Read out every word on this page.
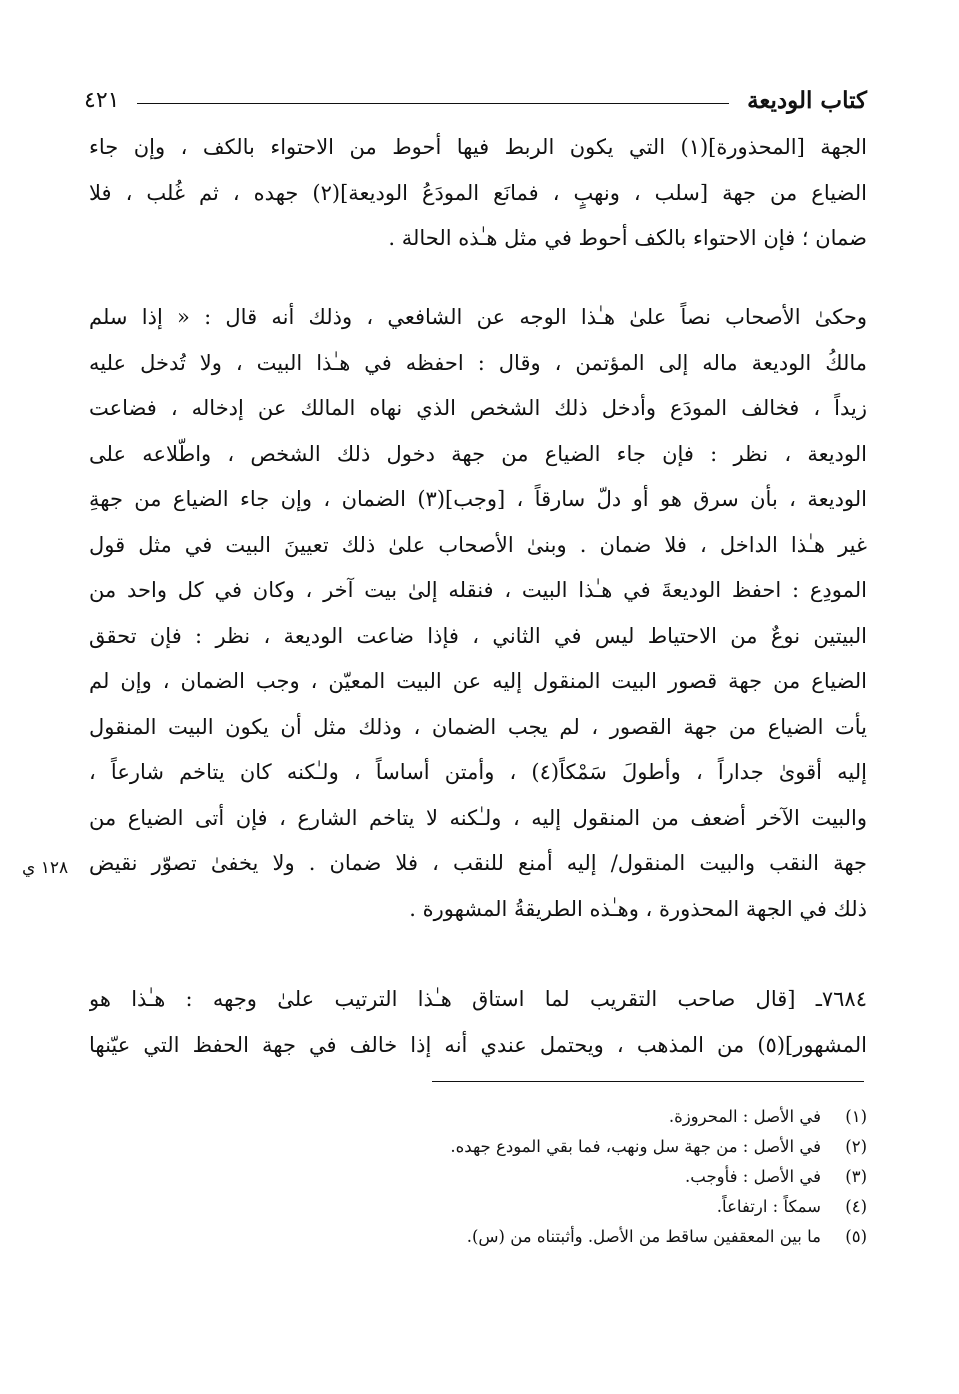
كتاب الوديعة
٤٢١
الجهة [المحذورة](١) التي يكون الربط فيها أحوط من الاحتواء بالكف ، وإن جاء
الضياع من جهة [سلب ، ونهبٍ ، فمانَع المودَعُ الوديعة](٢) جهده ، ثم غُلب ، فلا
ضمان ؛ فإن الاحتواء بالكف أحوط في مثل هـٰذه الحالة .
وحكىٰ الأصحاب نصاً علىٰ هـٰذا الوجه عن الشافعي ، وذلك أنه قال : « إذا سلم
مالكُ الوديعة ماله إلى المؤتمن ، وقال : احفظه في هـٰذا البيت ، ولا تُدخل عليه
زيداً ، فخالف المودَع وأدخل ذلك الشخص الذي نهاه المالك عن إدخاله ، فضاعت
الوديعة ، نظر : فإن جاء الضياع من جهة دخول ذلك الشخص ، واطّلاعه على
الوديعة ، بأن سرق هو أو دلّ سارقاً ، [وجب](٣) الضمان ، وإن جاء الضياع من جهةِ
غير هـٰذا الداخل ، فلا ضمان . وبنىٰ الأصحاب علىٰ ذلك تعيينَ البيت في مثل قول
المودِع : احفظ الوديعةَ في هـٰذا البيت ، فنقله إلىٰ بيت آخر ، وكان في كل واحد من
البيتين نوعٌ من الاحتياط ليس في الثاني ، فإذا ضاعت الوديعة ، نظر : فإن تحقق
الضياع من جهة قصور البيت المنقول إليه عن البيت المعيّن ، وجب الضمان ، وإن لم
يأت الضياع من جهة القصور ، لم يجب الضمان ، وذلك مثل أن يكون البيت المنقول
إليه أقوىٰ جداراً ، وأطولَ سَمْكاً(٤) ، وأمتن أساساً ، ولـٰكنه كان يتاخم شارعاً ،
والبيت الآخر أضعف من المنقول إليه ، ولـٰكنه لا يتاخم الشارع ، فإن أتى الضياع من
جهة النقب والبيت المنقول/ إليه أمنع للنقب ، فلا ضمان . ولا يخفىٰ تصوّر نقيض
ذلك في الجهة المحذورة ، وهـٰذه الطريقةُ المشهورة .
١٢٨ ي
٧٦٨٤ـ [قال صاحب التقريب لما استاق هـٰذا الترتيب علىٰ وجهه : هـٰذا هو
المشهور](٥) من المذهب ، ويحتمل عندي أنه إذا خالف في جهة الحفظ التي عيّنها
(١)
في الأصل : المحروزة.
(٢)
في الأصل : من جهة سل ونهب، فما بقي المودع جهده.
(٣)
في الأصل : فأوجب.
(٤)
سمكاً : ارتفاعاً.
(٥)
ما بين المعقفين ساقط من الأصل. وأثبتناه من (س).
